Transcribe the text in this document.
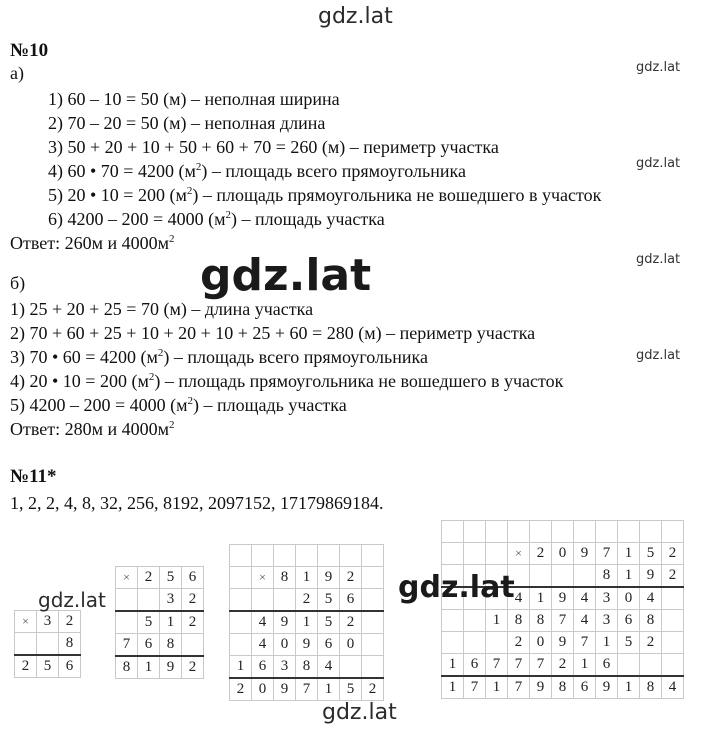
gdz.lat
gdz.lat
gdz.lat
gdz.lat
gdz.lat
gdz.lat
№10
а)
1) 60 – 10 = 50 (м) – неполная ширина
2) 70 – 20 = 50 (м) – неполная длина
3) 50 + 20 + 10 + 50 + 60 + 70 = 260 (м) – периметр участка
4) 60 • 70 = 4200 $(м^2)$ – площадь всего прямоугольника
5) 20 • 10 = 200 $(м^2)$ – площадь прямоугольника не вошедшего в участок
6) 4200 – 200 = 4000 $(м^2)$ – площадь участка
Ответ: 260м и $4000м^2$
б)
1) 25 + 20 + 25 = 70 (м) – длина участка
2) 70 + 60 + 25 + 10 + 20 + 10 + 25 + 60 = 280 (м) – периметр участка
3) 70 • 60 = 4200 $(м^2)$ – площадь всего прямоугольника
4) 20 • 10 = 200 $(м^2)$ – площадь прямоугольника не вошедшего в участок
5) 4200 – 200 = 4000 $(м^2)$ – площадь участка
Ответ: 280м и $4000м^2$
№11*
1, 2, 2, 4, 8, 32, 256, 8192, 2097152, 17179869184.
×	3	2
		8
2	5	6
×	2	5	6
		3	2
	5	1	2
7	6	8	
8	1	9	2

	×	8	1	9	2	
			2	5	6	
	4	9	1	5	2	
	4	0	9	6	0	
1	6	3	8	4		
2	0	9	7	1	5	2

			×	2	0	9	7	1	5	2
							8	1	9	2
			4	1	9	4	3	0	4	
		1	8	8	7	4	3	6	8	
			2	0	9	7	1	5	2	
1	6	7	7	7	2	1	6			
1	7	1	7	9	8	6	9	1	8	4
gdz.lat	gdz.lat
gdz.lat
